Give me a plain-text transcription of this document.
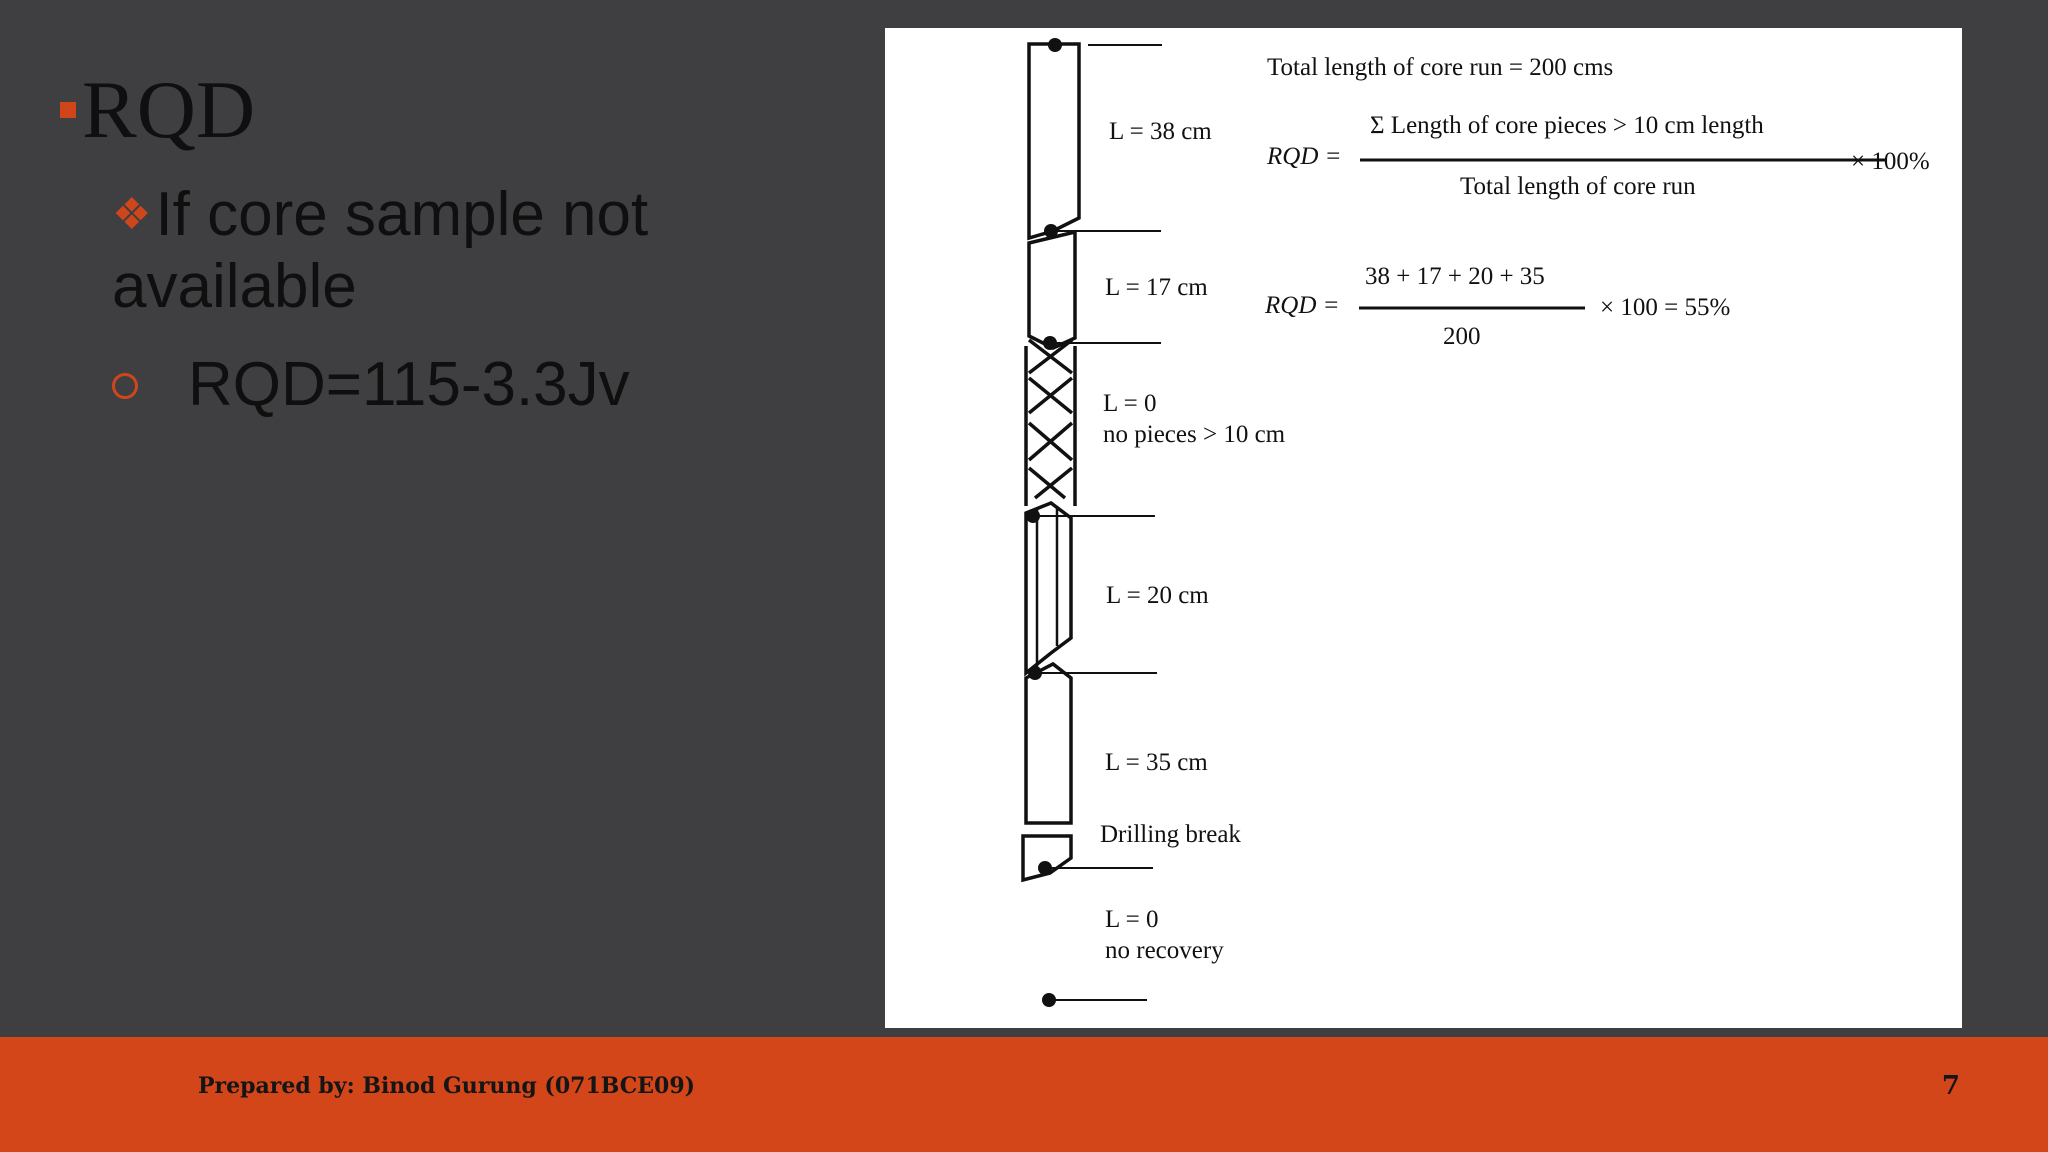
RQD
❖If core sample not available
RQD=115-3.3Jv
Total length of core run = 200 cms
RQD =
Σ Length of core pieces > 10 cm length
Total length of core run
× 100%
RQD =
38 + 17 + 20 + 35
200
× 100 = 55%
L = 38 cm
L = 17 cm
L = 0
no pieces > 10 cm
L = 20 cm
L = 35 cm
Drilling break
L = 0
no recovery
Prepared by: Binod Gurung (071BCE09)	7
